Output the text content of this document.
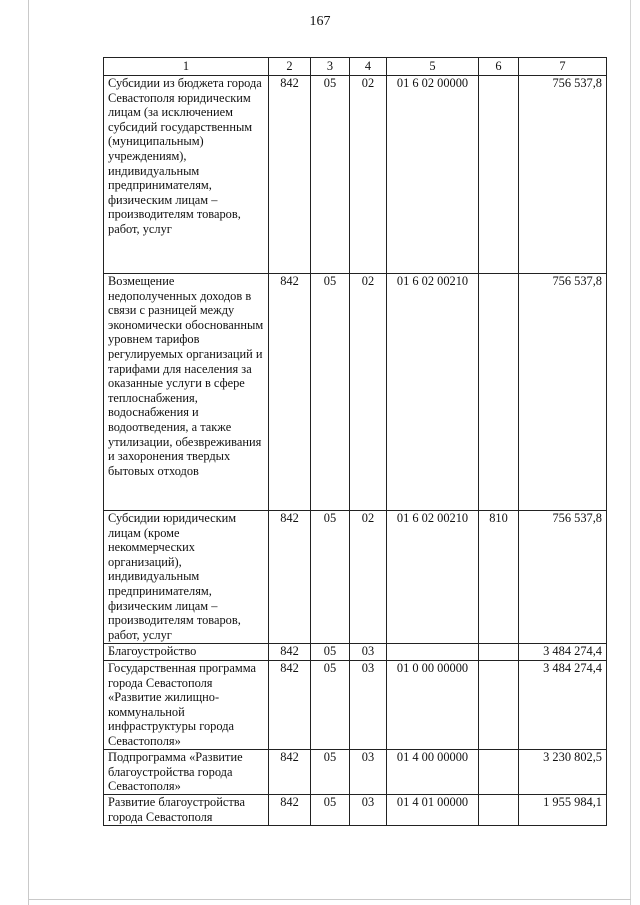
167
1	2	3	4	5	6	7
Субсидии из бюджета города Севастополя юридическим лицам (за исключением субсидий государственным (муниципальным) учреждениям), индивидуальным предпринимателям, физическим лицам – производителям товаров, работ, услуг	842	05	02	01 6 02 00000		756 537,8
Возмещение недополученных доходов в связи с разницей между экономически обоснованным уровнем тарифов регулируемых организаций и тарифами для населения за оказанные услуги в сфере теплоснабжения, водоснабжения и водоотведения, а также утилизации, обезвреживания и захоронения твердых бытовых отходов	842	05	02	01 6 02 00210		756 537,8
Субсидии юридическим лицам (кроме некоммерческих организаций), индивидуальным предпринимателям, физическим лицам – производителям товаров, работ, услуг	842	05	02	01 6 02 00210	810	756 537,8
Благоустройство	842	05	03			3 484 274,4
Государственная программа города Севастополя «Развитие жилищно-коммунальной инфраструктуры города Севастополя»	842	05	03	01 0 00 00000		3 484 274,4
Подпрограмма «Развитие благоустройства города Севастополя»	842	05	03	01 4 00 00000		3 230 802,5
Развитие благоустройства города Севастополя	842	05	03	01 4 01 00000		1 955 984,1
